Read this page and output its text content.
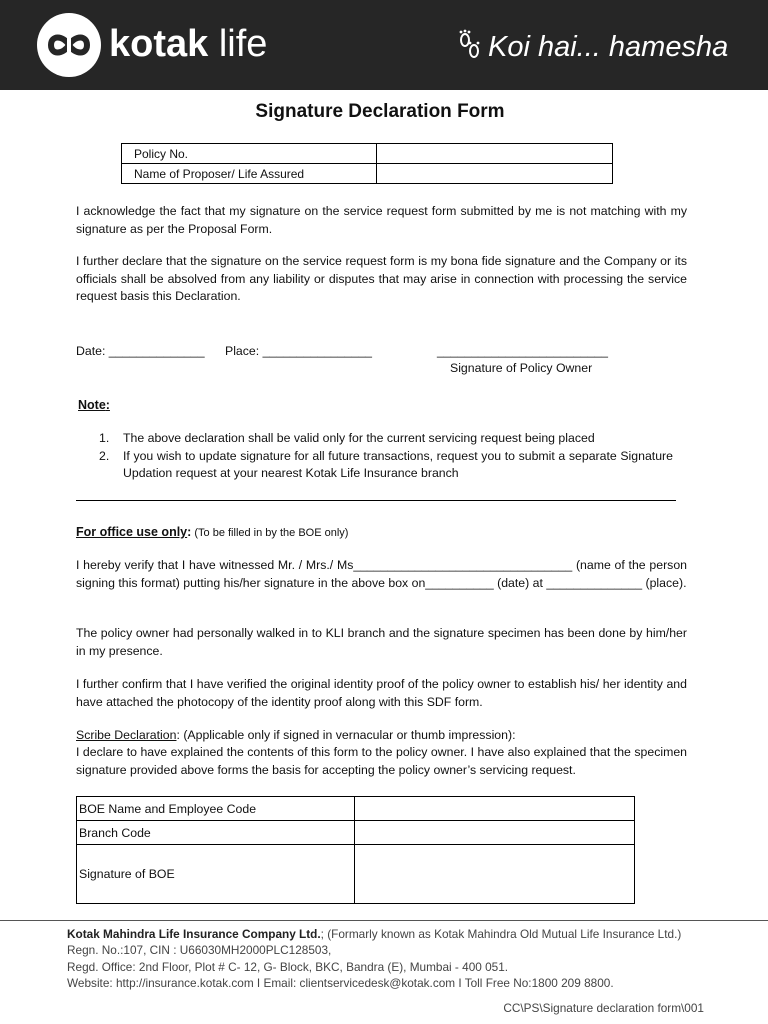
kotak life	Koi hai... hamesha
Signature Declaration Form
Policy No.	
Name of Proposer/ Life Assured	

I acknowledge the fact that my signature on the service request form submitted by me is not matching with my signature as per the Proposal Form.

I further declare that the signature on the service request form is my bona fide signature and the Company or its officials shall be absolved from any liability or disputes that may arise in connection with processing the service request basis this Declaration.

Date: ______________ Place: ________________	_________________________
Signature of Policy Owner
Note:
1. The above declaration shall be valid only for the current servicing request being placed
2. If you wish to update signature for all future transactions, request you to submit a separate Signature Updation request at your nearest Kotak Life Insurance branch
For office use only: (To be filled in by the BOE only)

I hereby verify that I have witnessed Mr. / Mrs./ Ms________________________________ (name of the person signing this format) putting his/her signature in the above box on__________ (date) at ______________ (place).

The policy owner had personally walked in to KLI branch and the signature specimen has been done by him/her in my presence.

I further confirm that I have verified the original identity proof of the policy owner to establish his/ her identity and have attached the photocopy of the identity proof along with this SDF form.

Scribe Declaration: (Applicable only if signed in vernacular or thumb impression):

I declare to have explained the contents of this form to the policy owner. I have also explained that the specimen signature provided above forms the basis for accepting the policy owner’s servicing request.

BOE Name and Employee Code	
Branch Code	
Signature of BOE	
Kotak Mahindra Life Insurance Company Ltd.; (Formarly known as Kotak Mahindra Old Mutual Life Insurance Ltd.)
Regn. No.:107, CIN : U66030MH2000PLC128503,
Regd. Office: 2nd Floor, Plot # C- 12, G- Block, BKC, Bandra (E), Mumbai - 400 051.
Website: http://insurance.kotak.com I Email: clientservicedesk@kotak.com I Toll Free No:1800 209 8800.
CC\PS\Signature declaration form\001
